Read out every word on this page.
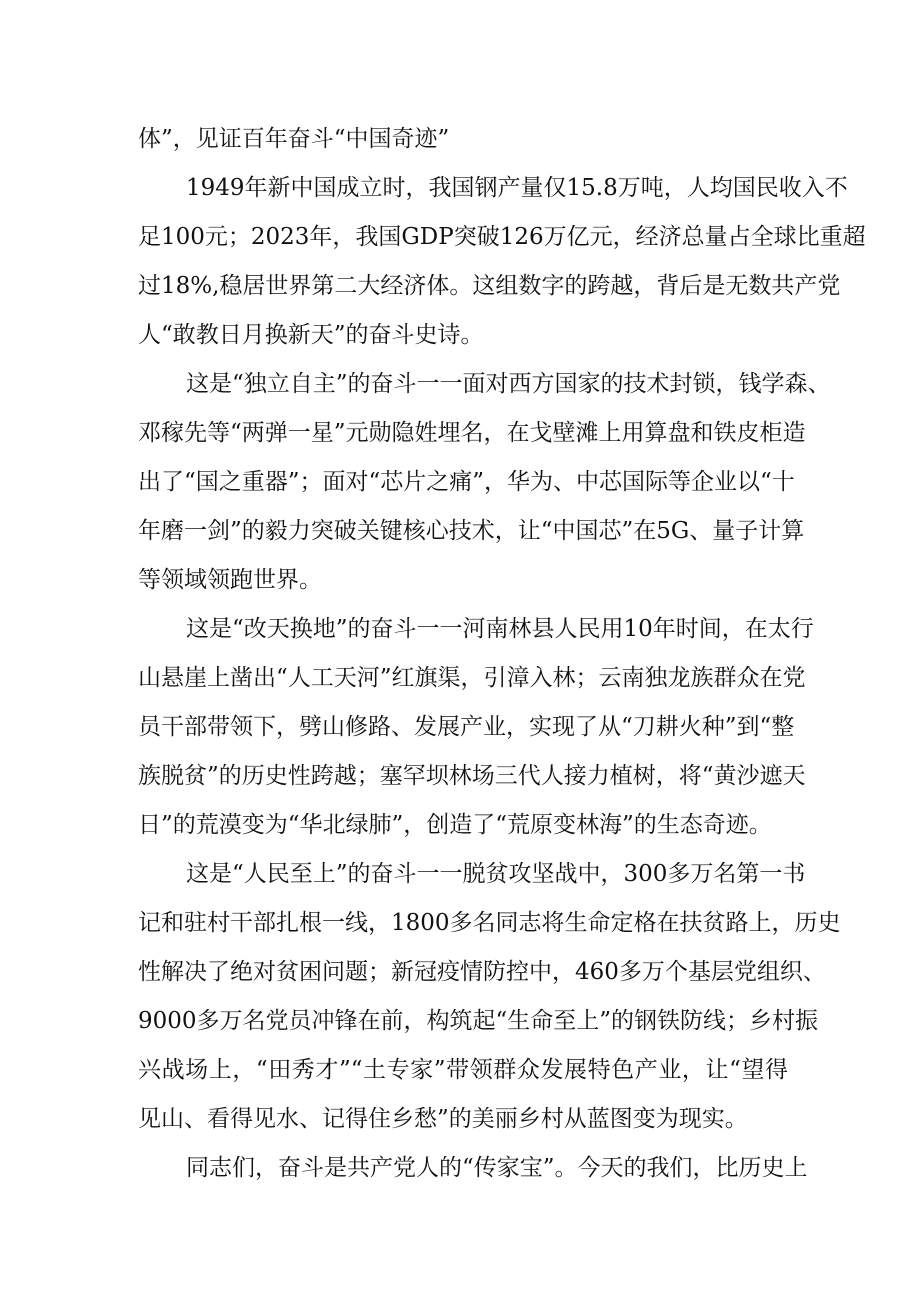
体”，见证百年奋斗“中国奇迹”
1949年新中国成立时，我国钢产量仅15.8万吨，人均国民收入不
足100元；2023年，我国GDP突破126万亿元，经济总量占全球比重超
过18%,稳居世界第二大经济体。这组数字的跨越，背后是无数共产党
人“敢教日月换新天”的奋斗史诗。
这是“独立自主”的奋斗一一面对西方国家的技术封锁，钱学森、
邓稼先等“两弹一星”元勋隐姓埋名，在戈壁滩上用算盘和铁皮柜造
出了“国之重器”；面对“芯片之痛”，华为、中芯国际等企业以“十
年磨一剑”的毅力突破关键核心技术，让“中国芯”在5G、量子计算
等领域领跑世界。
这是“改天换地”的奋斗一一河南林县人民用10年时间，在太行
山悬崖上凿出“人工天河”红旗渠，引漳入林；云南独龙族群众在党
员干部带领下，劈山修路、发展产业，实现了从“刀耕火种”到“整
族脱贫”的历史性跨越；塞罕坝林场三代人接力植树，将“黄沙遮天
日”的荒漠变为“华北绿肺”，创造了“荒原变林海”的生态奇迹。
这是“人民至上”的奋斗一一脱贫攻坚战中，300多万名第一书
记和驻村干部扎根一线，1800多名同志将生命定格在扶贫路上，历史
性解决了绝对贫困问题；新冠疫情防控中，460多万个基层党组织、
9000多万名党员冲锋在前，构筑起“生命至上”的钢铁防线；乡村振
兴战场上，“田秀才”“土专家”带领群众发展特色产业，让“望得
见山、看得见水、记得住乡愁”的美丽乡村从蓝图变为现实。
同志们，奋斗是共产党人的“传家宝”。今天的我们，比历史上
